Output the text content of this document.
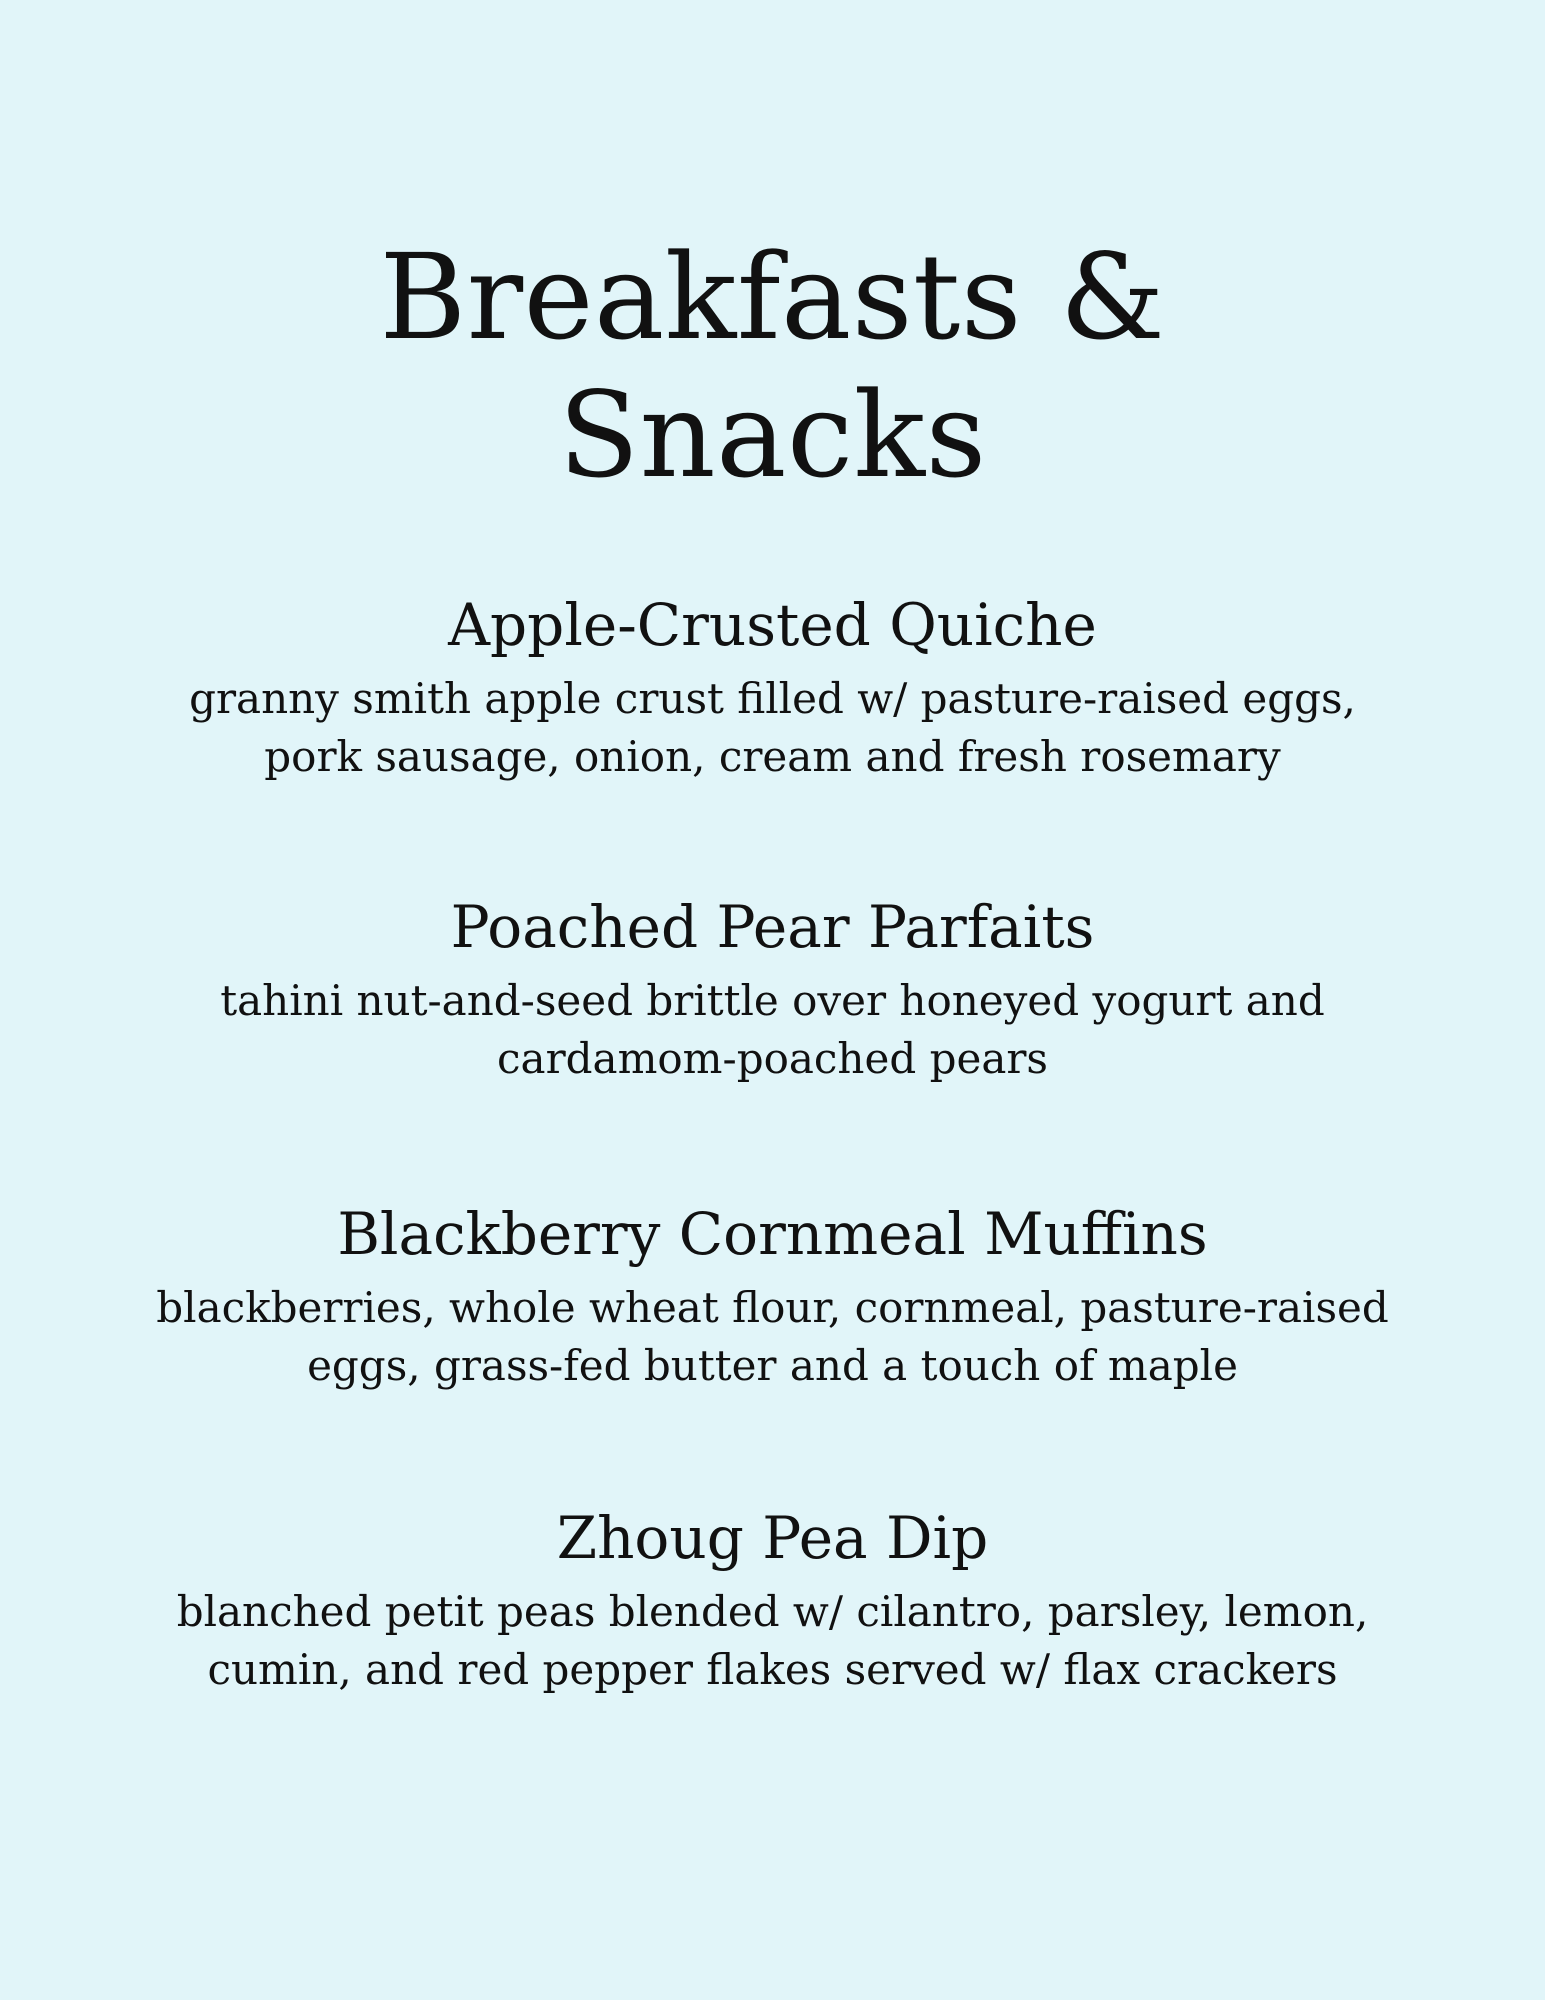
Breakfasts &
Snacks
Apple-Crusted Quiche

granny smith apple crust filled w/ pasture-raised eggs, pork sausage, onion, cream and fresh rosemary

Poached Pear Parfaits

tahini nut-and-seed brittle over honeyed yogurt and cardamom-poached pears

Blackberry Cornmeal Muffins

blackberries, whole wheat flour, cornmeal, pasture-raised eggs, grass-fed butter and a touch of maple

Zhoug Pea Dip

blanched petit peas blended w/ cilantro, parsley, lemon, cumin, and red pepper flakes served w/ flax crackers
